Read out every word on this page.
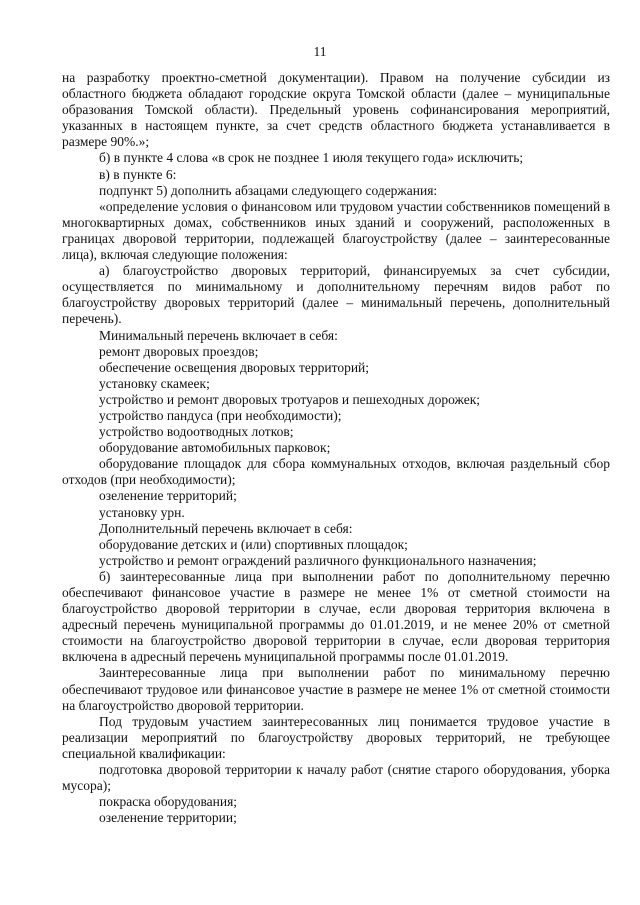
11

на разработку проектно-сметной документации). Правом на получение субсидии из областного бюджета обладают городские округа Томской области (далее – муниципальные образования Томской области). Предельный уровень софинансирования мероприятий, указанных в настоящем пункте, за счет средств областного бюджета устанавливается в размере 90%.»;

б) в пункте 4 слова «в срок не позднее 1 июля текущего года» исключить;

в) в пункте 6:

подпункт 5) дополнить абзацами следующего содержания:

«определение условия о финансовом или трудовом участии собственников помещений в многоквартирных домах, собственников иных зданий и сооружений, расположенных в границах дворовой территории, подлежащей благоустройству (далее – заинтересованные лица), включая следующие положения:

а) благоустройство дворовых территорий, финансируемых за счет субсидии, осуществляется по минимальному и дополнительному перечням видов работ по благоустройству дворовых территорий (далее – минимальный перечень, дополнительный перечень).

Минимальный перечень включает в себя:

ремонт дворовых проездов;

обеспечение освещения дворовых территорий;

установку скамеек;

устройство и ремонт дворовых тротуаров и пешеходных дорожек;

устройство пандуса (при необходимости);

устройство водоотводных лотков;

оборудование автомобильных парковок;

оборудование площадок для сбора коммунальных отходов, включая раздельный сбор отходов (при необходимости);

озеленение территорий;

установку урн.

Дополнительный перечень включает в себя:

оборудование детских и (или) спортивных площадок;

устройство и ремонт ограждений различного функционального назначения;

б) заинтересованные лица при выполнении работ по дополнительному перечню обеспечивают финансовое участие в размере не менее 1% от сметной стоимости на благоустройство дворовой территории в случае, если дворовая территория включена в адресный перечень муниципальной программы до 01.01.2019, и не менее 20% от сметной стоимости на благоустройство дворовой территории в случае, если дворовая территория включена в адресный перечень муниципальной программы после 01.01.2019.

Заинтересованные лица при выполнении работ по минимальному перечню обеспечивают трудовое или финансовое участие в размере не менее 1% от сметной стоимости на благоустройство дворовой территории.

Под трудовым участием заинтересованных лиц понимается трудовое участие в реализации мероприятий по благоустройству дворовых территорий, не требующее специальной квалификации:

подготовка дворовой территории к началу работ (снятие старого оборудования, уборка мусора);

покраска оборудования;

озеленение территории;
